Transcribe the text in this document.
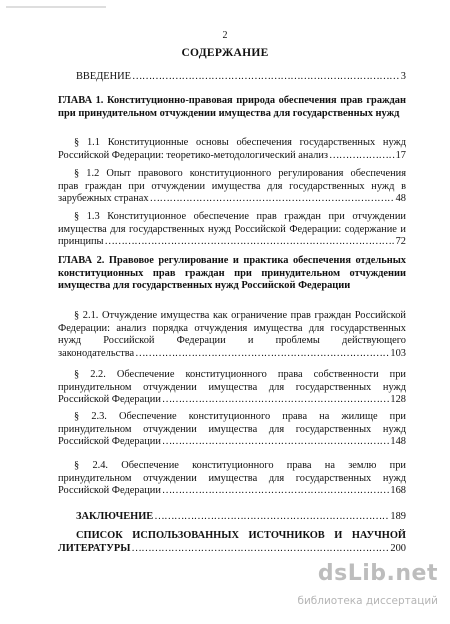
2
СОДЕРЖАНИЕ
ВВЕДЕНИЕ …………………………………………………………………………………………………………………………………………	3
ГЛАВА 1. Конституционно-правовая природа обеспечения прав граждан при принудительном отчуждении имущества для государственных нужд
§ 1.1 Конституционные основы обеспечения государственных нужд
Российской Федерации: теоретико-методологический анализ …………………………………………………………………………………………………………………………………………	17
§ 1.2 Опыт правового конституционного регулирования обеспечения
прав граждан при отчуждении имущества для государственных нужд в
зарубежных странах …………………………………………………………………………………………………………………………………………	48
§ 1.3 Конституционное обеспечение прав граждан при отчуждении
имущества для государственных нужд Российской Федерации: содержание и
принципы …………………………………………………………………………………………………………………………………………	72
ГЛАВА 2. Правовое регулирование и практика обеспечения отдельных конституционных прав граждан при принудительном отчуждении имущества для государственных нужд Российской Федерации
§ 2.1. Отчуждение имущества как ограничение прав граждан Российской
Федерации: анализ порядка отчуждения имущества для государственных
нужд Российской Федерации и проблемы действующего
законодательства …………………………………………………………………………………………………………………………………………	103
§ 2.2. Обеспечение конституционного права собственности при
принудительном отчуждении имущества для государственных нужд
Российской Федерации …………………………………………………………………………………………………………………………………………	128
§ 2.3. Обеспечение конституционного права на жилище при
принудительном отчуждении имущества для государственных нужд
Российской Федерации …………………………………………………………………………………………………………………………………………	148
§ 2.4. Обеспечение конституционного права на землю при
принудительном отчуждении имущества для государственных нужд
Российской Федерации …………………………………………………………………………………………………………………………………………	168
ЗАКЛЮЧЕНИЕ …………………………………………………………………………………………………………………………………………	189
СПИСОК ИСПОЛЬЗОВАННЫХ ИСТОЧНИКОВ И НАУЧНОЙ
ЛИТЕРАТУРЫ …………………………………………………………………………………………………………………………………………	200
dsLib.net
библиотека диссертаций
